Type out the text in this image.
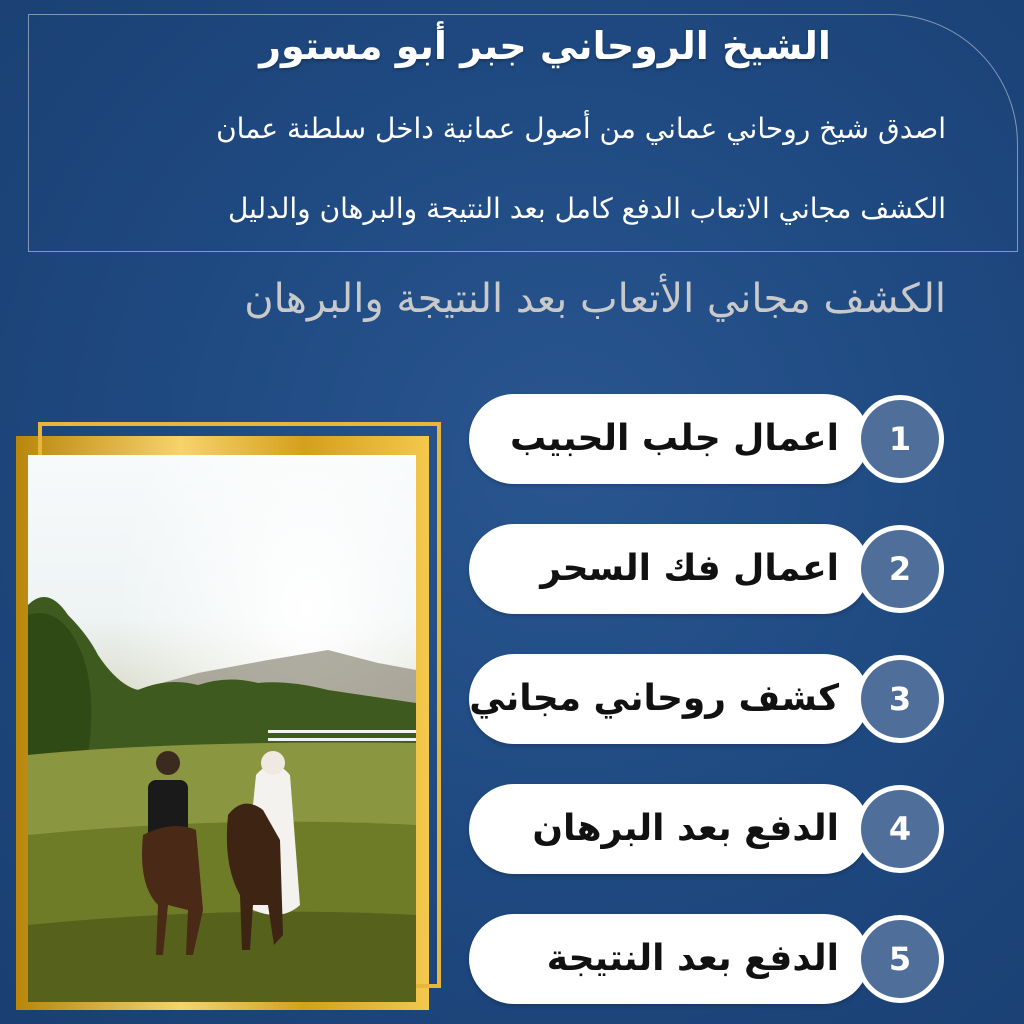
الشيخ الروحاني جبر أبو مستور
اصدق شيخ روحاني عماني من أصول عمانية داخل سلطنة عمان
الكشف مجاني الاتعاب الدفع كامل بعد النتيجة والبرهان والدليل
الكشف مجاني الأتعاب بعد النتيجة والبرهان
اعمال جلب الحبيب	1
اعمال فك السحر	2
كشف روحاني مجاني	3
الدفع بعد البرهان	4
الدفع بعد النتيجة	5
